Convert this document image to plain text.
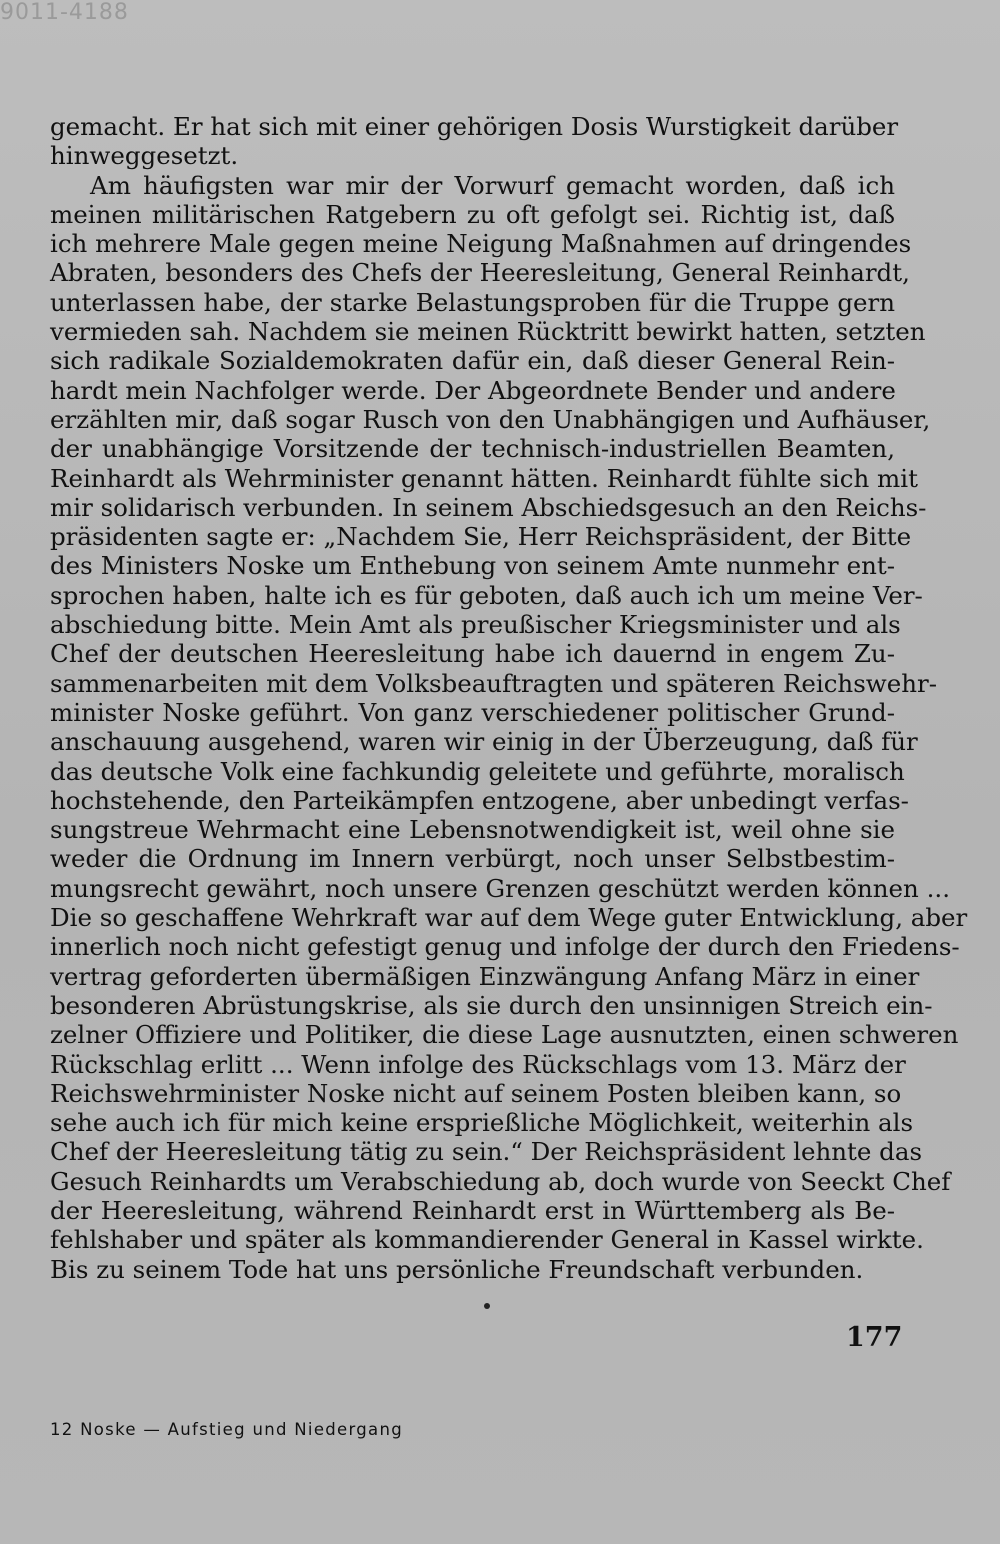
9011-4188
gemacht. Er hat sich mit einer gehörigen Dosis Wurstigkeit darüber
hinweggesetzt.
Am häufigsten war mir der Vorwurf gemacht worden, daß ich
meinen militärischen Ratgebern zu oft gefolgt sei. Richtig ist, daß
ich mehrere Male gegen meine Neigung Maßnahmen auf dringendes
Abraten, besonders des Chefs der Heeresleitung, General Reinhardt,
unterlassen habe, der starke Belastungsproben für die Truppe gern
vermieden sah. Nachdem sie meinen Rücktritt bewirkt hatten, setzten
sich radikale Sozialdemokraten dafür ein, daß dieser General Rein-
hardt mein Nachfolger werde. Der Abgeordnete Bender und andere
erzählten mir, daß sogar Rusch von den Unabhängigen und Aufhäuser,
der unabhängige Vorsitzende der technisch-industriellen Beamten,
Reinhardt als Wehrminister genannt hätten. Reinhardt fühlte sich mit
mir solidarisch verbunden. In seinem Abschiedsgesuch an den Reichs-
präsidenten sagte er: „Nachdem Sie, Herr Reichspräsident, der Bitte
des Ministers Noske um Enthebung von seinem Amte nunmehr ent-
sprochen haben, halte ich es für geboten, daß auch ich um meine Ver-
abschiedung bitte. Mein Amt als preußischer Kriegsminister und als
Chef der deutschen Heeresleitung habe ich dauernd in engem Zu-
sammenarbeiten mit dem Volksbeauftragten und späteren Reichswehr-
minister Noske geführt. Von ganz verschiedener politischer Grund-
anschauung ausgehend, waren wir einig in der Überzeugung, daß für
das deutsche Volk eine fachkundig geleitete und geführte, moralisch
hochstehende, den Parteikämpfen entzogene, aber unbedingt verfas-
sungstreue Wehrmacht eine Lebensnotwendigkeit ist, weil ohne sie
weder die Ordnung im Innern verbürgt, noch unser Selbstbestim-
mungsrecht gewährt, noch unsere Grenzen geschützt werden können ...
Die so geschaffene Wehrkraft war auf dem Wege guter Entwicklung, aber
innerlich noch nicht gefestigt genug und infolge der durch den Friedens-
vertrag geforderten übermäßigen Einzwängung Anfang März in einer
besonderen Abrüstungskrise, als sie durch den unsinnigen Streich ein-
zelner Offiziere und Politiker, die diese Lage ausnutzten, einen schweren
Rückschlag erlitt ... Wenn infolge des Rückschlags vom 13. März der
Reichswehrminister Noske nicht auf seinem Posten bleiben kann, so
sehe auch ich für mich keine ersprießliche Möglichkeit, weiterhin als
Chef der Heeresleitung tätig zu sein.“ Der Reichspräsident lehnte das
Gesuch Reinhardts um Verabschiedung ab, doch wurde von Seeckt Chef
der Heeresleitung, während Reinhardt erst in Württemberg als Be-
fehlshaber und später als kommandierender General in Kassel wirkte.
Bis zu seinem Tode hat uns persönliche Freundschaft verbunden.
177
12 Noske — Aufstieg und Niedergang
